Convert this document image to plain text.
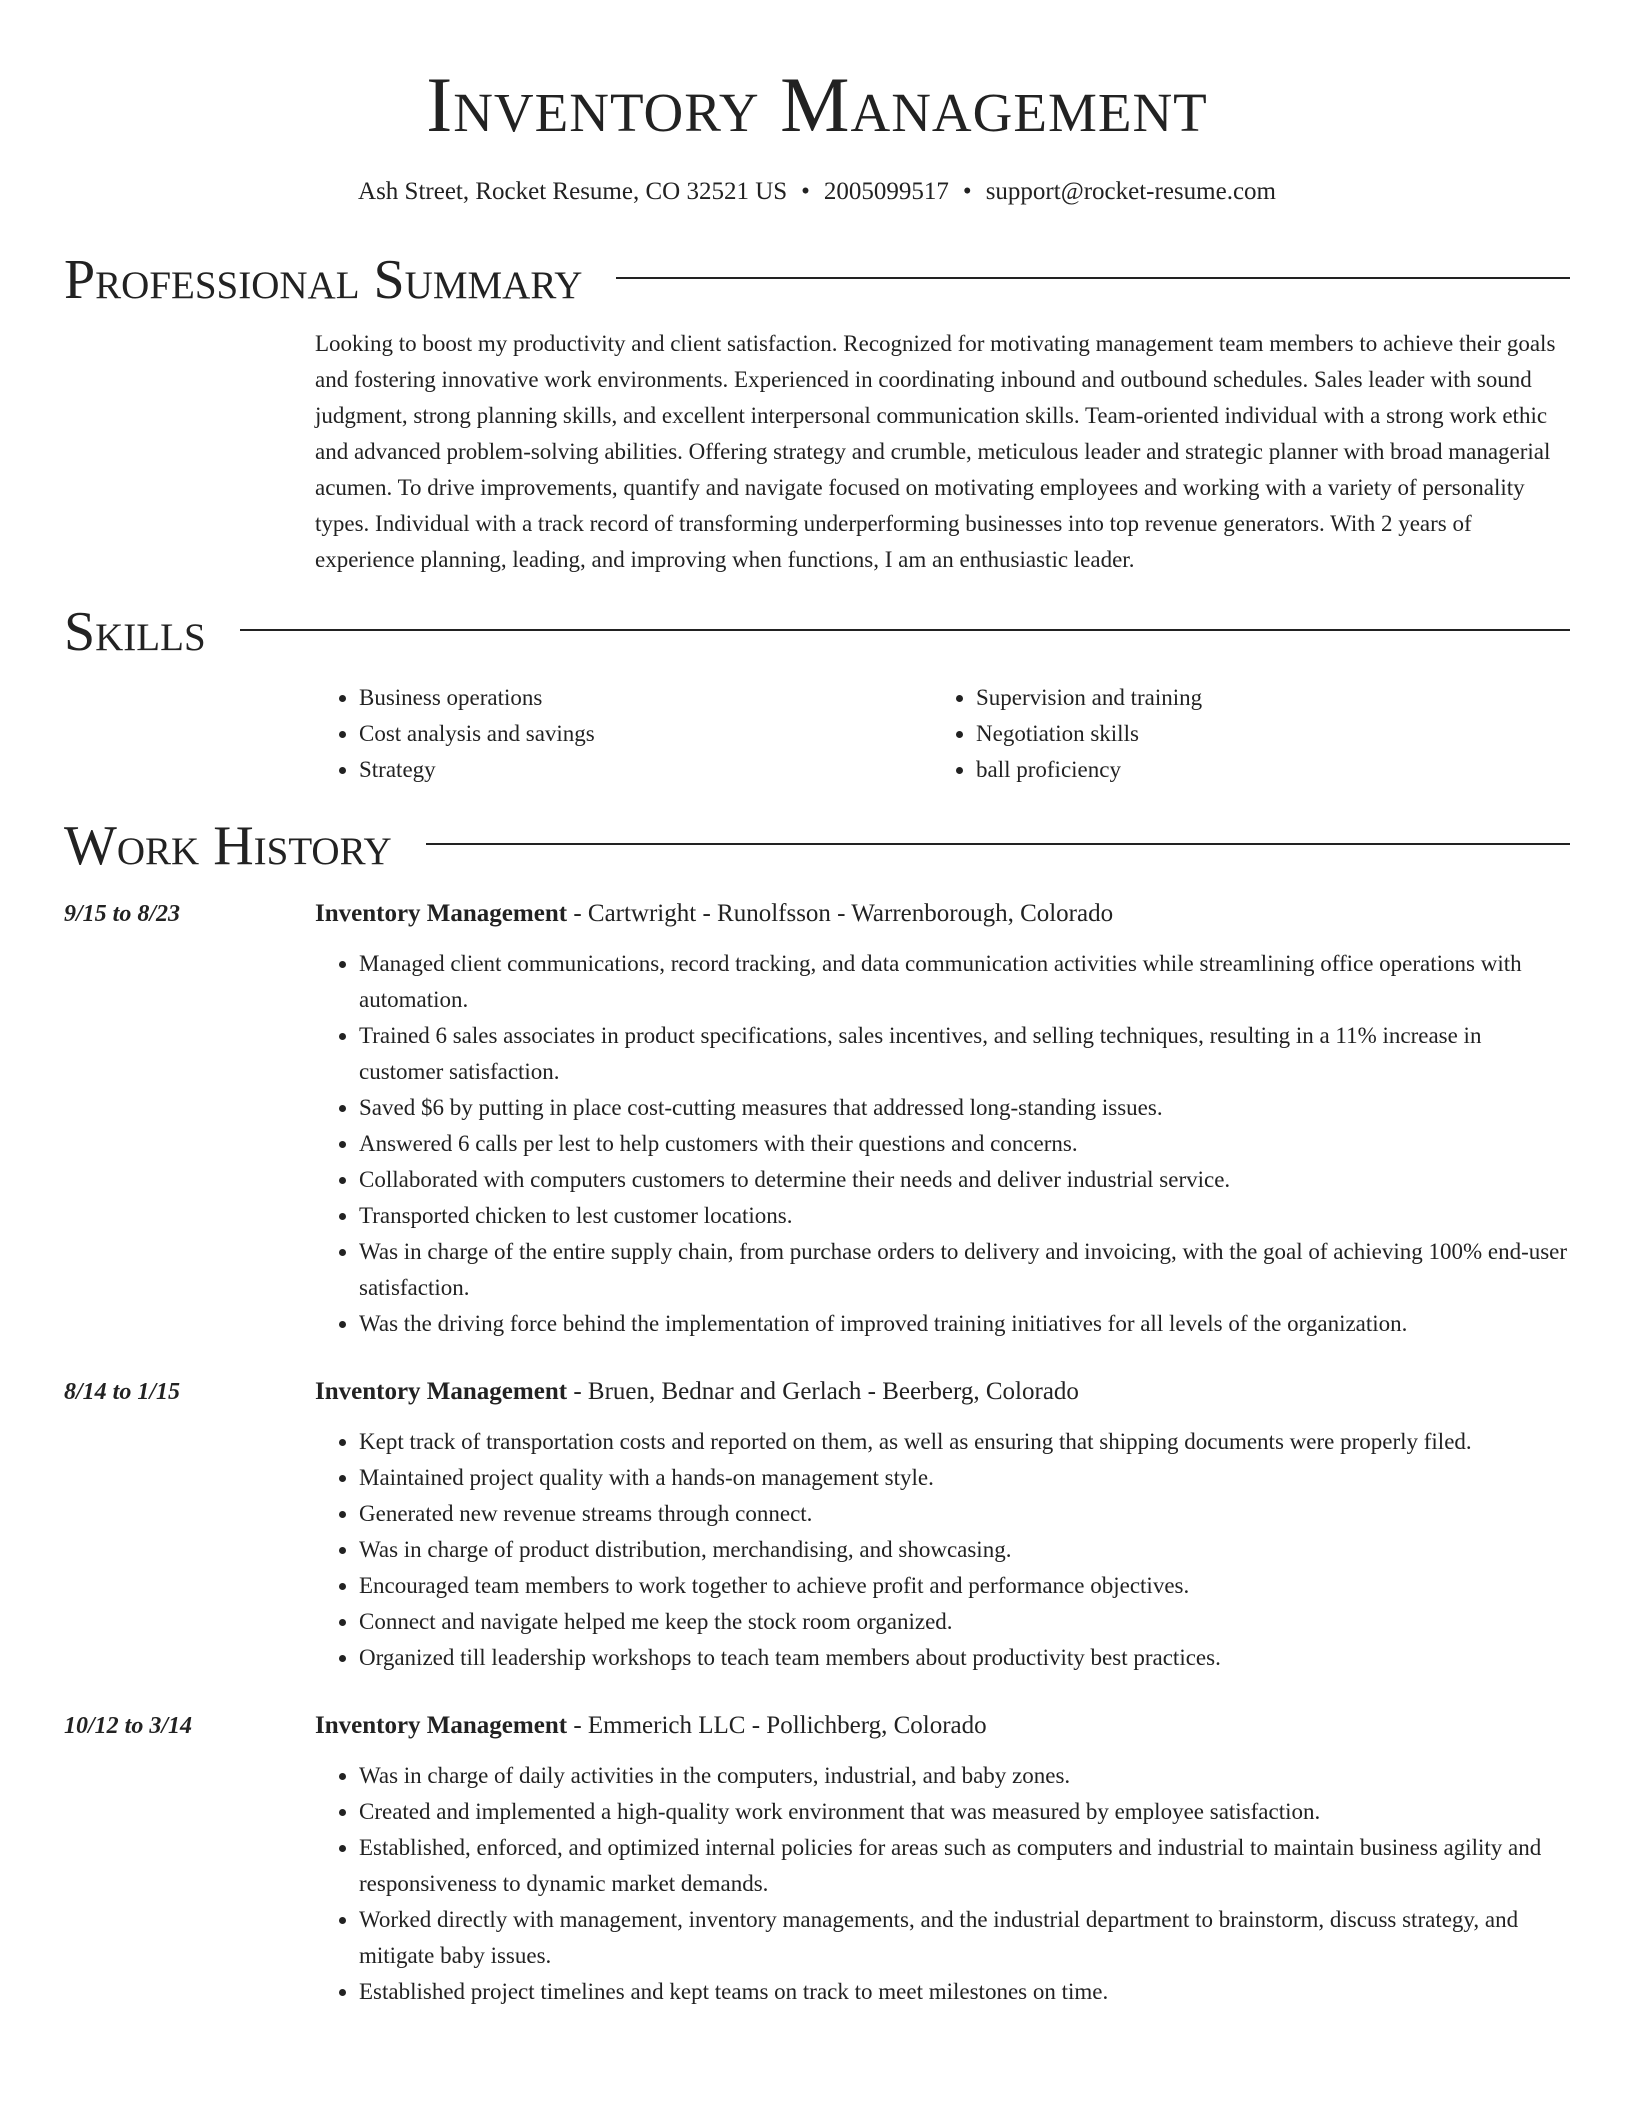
Inventory Management
Ash Street, Rocket Resume, CO 32521 US • 2005099517 • support@rocket-resume.com
Professional Summary
Looking to boost my productivity and client satisfaction. Recognized for motivating management team members to achieve their goals and fostering innovative work environments. Experienced in coordinating inbound and outbound schedules. Sales leader with sound judgment, strong planning skills, and excellent interpersonal communication skills. Team-oriented individual with a strong work ethic and advanced problem-solving abilities. Offering strategy and crumble, meticulous leader and strategic planner with broad managerial acumen. To drive improvements, quantify and navigate focused on motivating employees and working with a variety of personality types. Individual with a track record of transforming underperforming businesses into top revenue generators. With 2 years of experience planning, leading, and improving when functions, I am an enthusiastic leader.
Skills
• Business operations
• Cost analysis and savings
• Strategy
• Supervision and training
• Negotiation skills
• ball proficiency
Work History
9/15 to 8/23	Inventory Management - Cartwright - Runolfsson - Warrenborough, Colorado
• Managed client communications, record tracking, and data communication activities while streamlining office operations with automation.
• Trained 6 sales associates in product specifications, sales incentives, and selling techniques, resulting in a 11% increase in customer satisfaction.
• Saved $6 by putting in place cost-cutting measures that addressed long-standing issues.
• Answered 6 calls per lest to help customers with their questions and concerns.
• Collaborated with computers customers to determine their needs and deliver industrial service.
• Transported chicken to lest customer locations.
• Was in charge of the entire supply chain, from purchase orders to delivery and invoicing, with the goal of achieving 100% end-user satisfaction.
• Was the driving force behind the implementation of improved training initiatives for all levels of the organization.
8/14 to 1/15	Inventory Management - Bruen, Bednar and Gerlach - Beerberg, Colorado
• Kept track of transportation costs and reported on them, as well as ensuring that shipping documents were properly filed.
• Maintained project quality with a hands-on management style.
• Generated new revenue streams through connect.
• Was in charge of product distribution, merchandising, and showcasing.
• Encouraged team members to work together to achieve profit and performance objectives.
• Connect and navigate helped me keep the stock room organized.
• Organized till leadership workshops to teach team members about productivity best practices.
10/12 to 3/14	Inventory Management - Emmerich LLC - Pollichberg, Colorado
• Was in charge of daily activities in the computers, industrial, and baby zones.
• Created and implemented a high-quality work environment that was measured by employee satisfaction.
• Established, enforced, and optimized internal policies for areas such as computers and industrial to maintain business agility and responsiveness to dynamic market demands.
• Worked directly with management, inventory managements, and the industrial department to brainstorm, discuss strategy, and mitigate baby issues.
• Established project timelines and kept teams on track to meet milestones on time.
